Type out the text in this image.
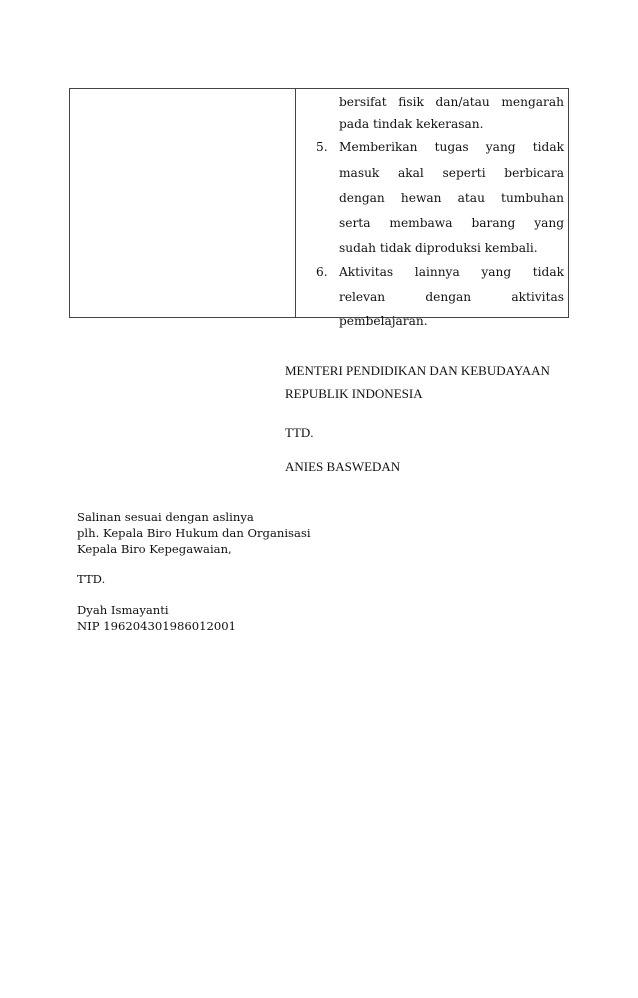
bersifat fisik dan/atau mengarah
pada tindak kekerasan.
5. Memberikan tugas yang tidak
masuk akal seperti berbicara
dengan hewan atau tumbuhan
serta membawa barang yang
sudah tidak diproduksi kembali.
6. Aktivitas lainnya yang tidak
relevan	dengan	aktivitas
pembelajaran.
MENTERI PENDIDIKAN DAN KEBUDAYAAN
REPUBLIK INDONESIA
TTD.
ANIES BASWEDAN
Salinan sesuai dengan aslinya
plh. Kepala Biro Hukum dan Organisasi
Kepala Biro Kepegawaian,
TTD.
Dyah Ismayanti
NIP 196204301986012001
